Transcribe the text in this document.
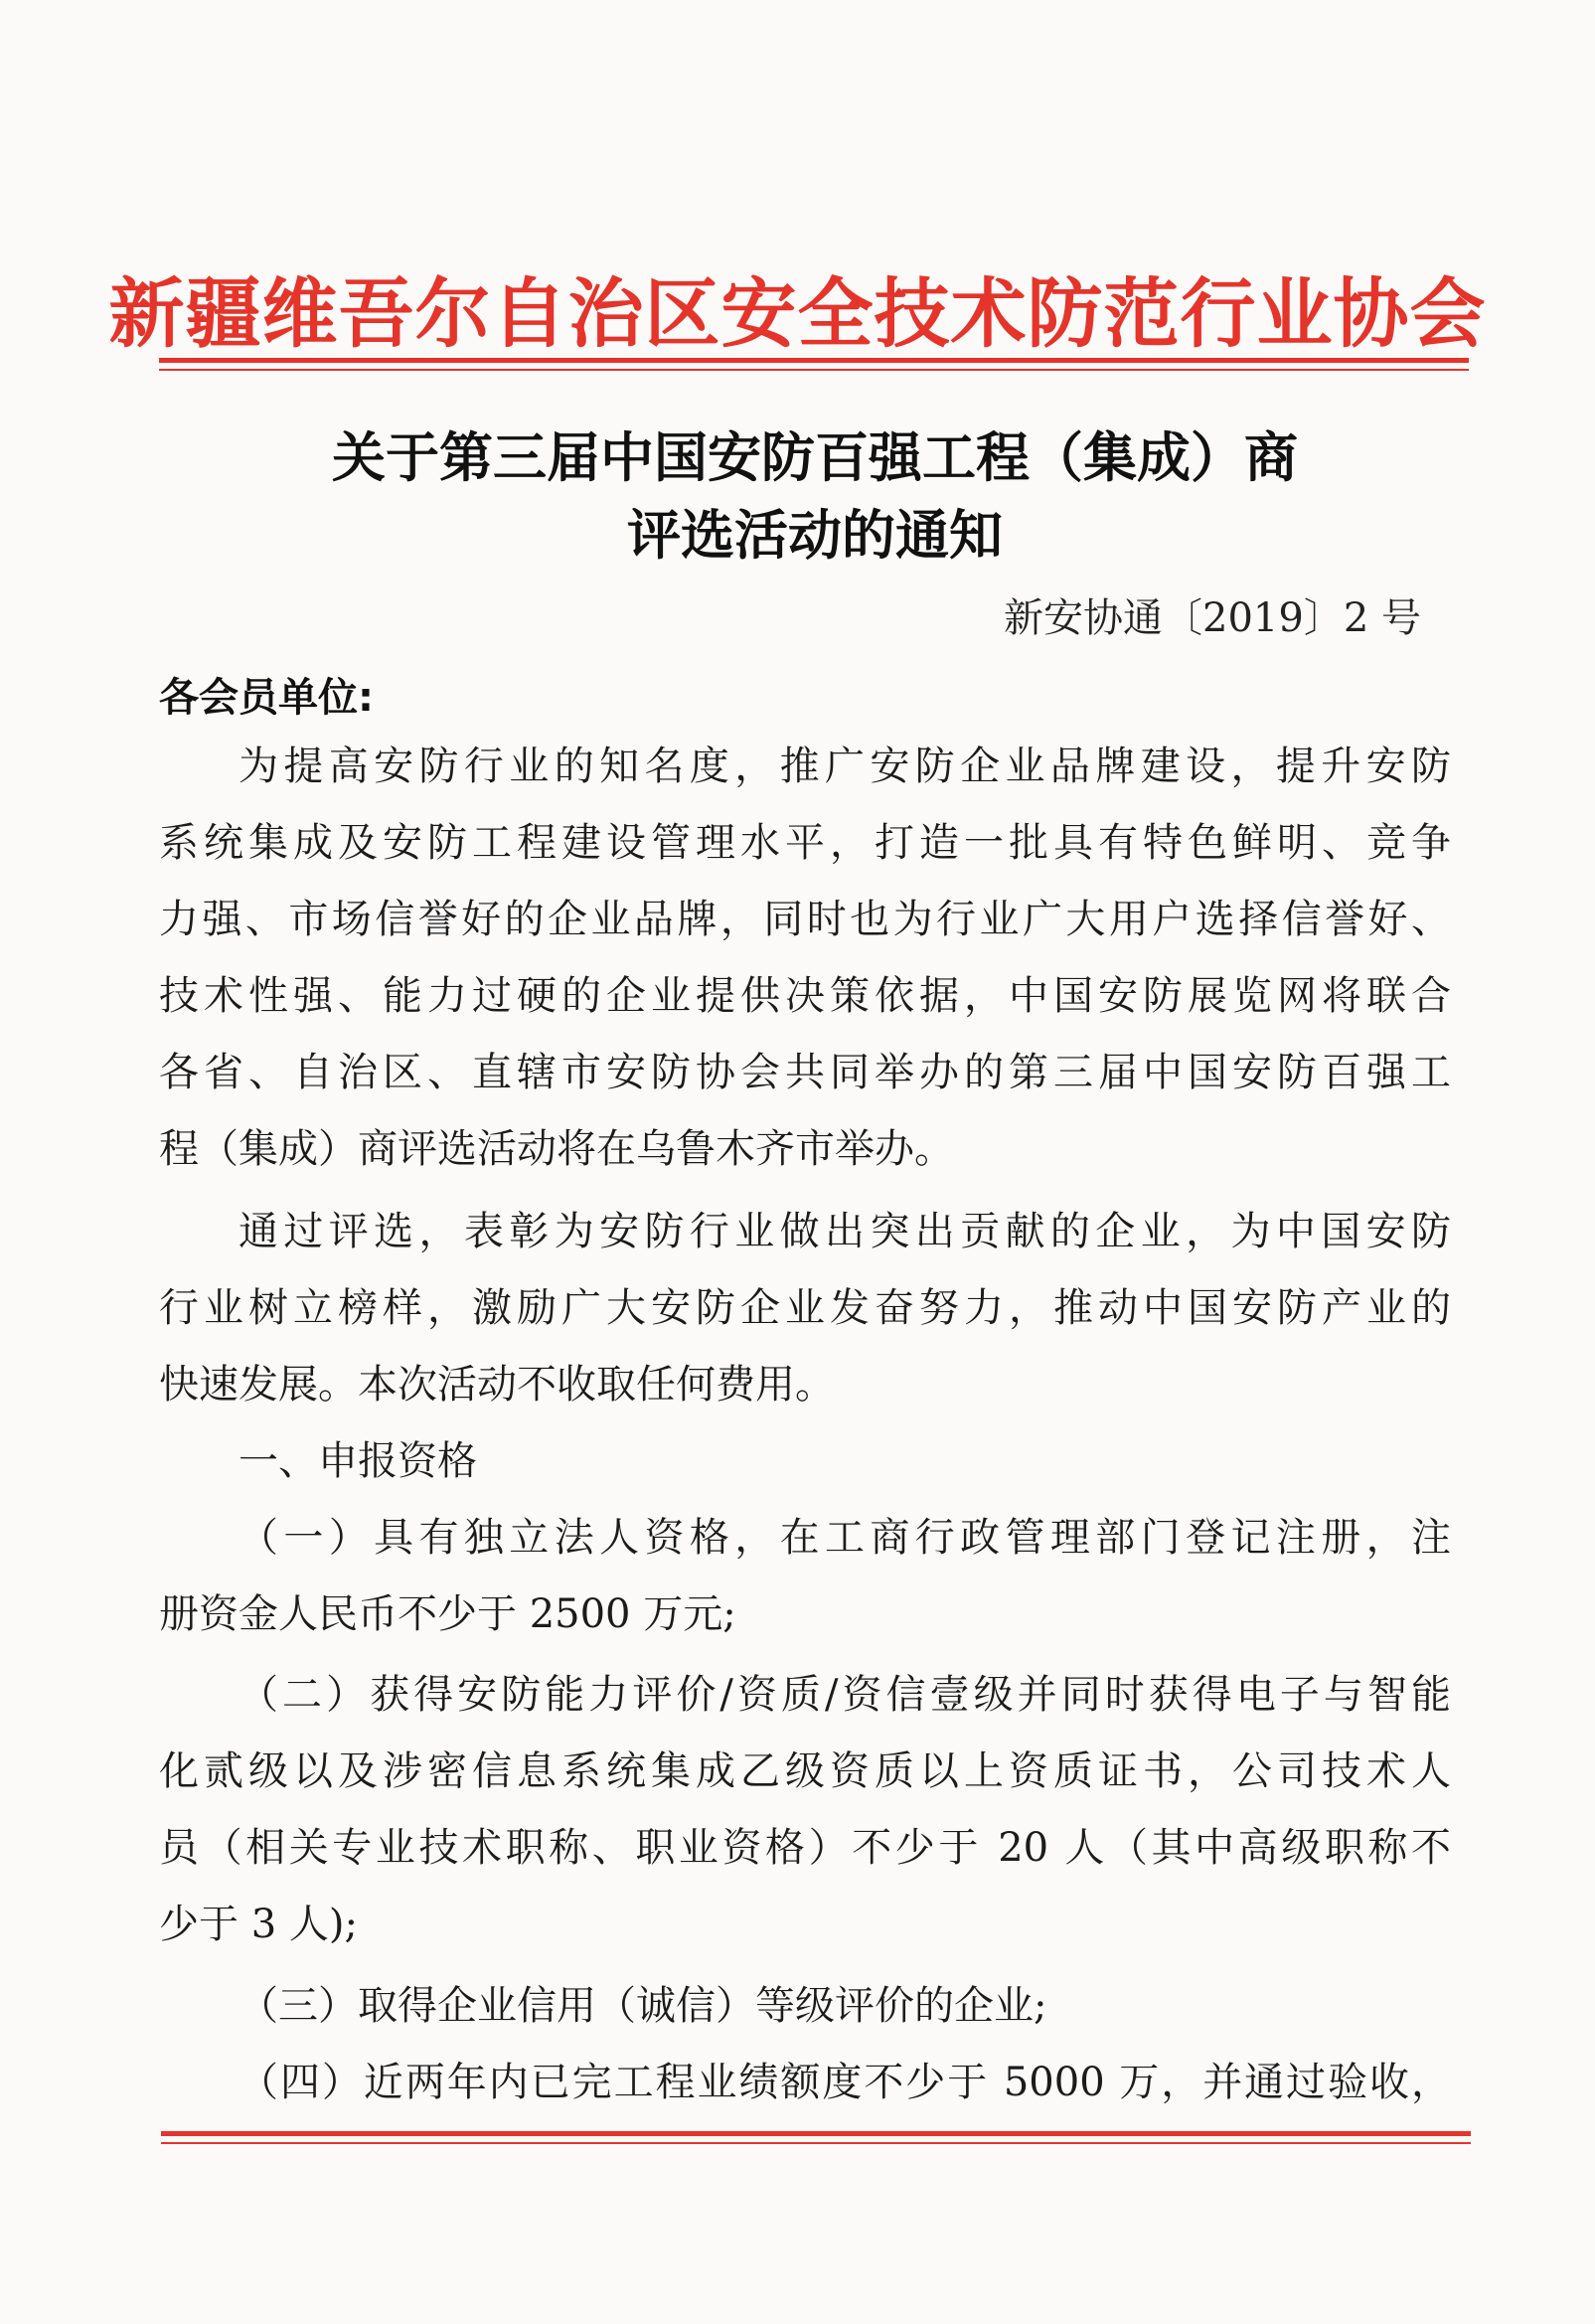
新疆维吾尔自治区安全技术防范行业协会
关于第三届中国安防百强工程（集成）商
评选活动的通知
新安协通〔2019〕2 号
各会员单位:
为提高安防行业的知名度，推广安防企业品牌建设，提升安防
系统集成及安防工程建设管理水平，打造一批具有特色鲜明、竞争
力强、市场信誉好的企业品牌，同时也为行业广大用户选择信誉好、
技术性强、能力过硬的企业提供决策依据，中国安防展览网将联合
各省、自治区、直辖市安防协会共同举办的第三届中国安防百强工
程（集成）商评选活动将在乌鲁木齐市举办。
通过评选，表彰为安防行业做出突出贡献的企业，为中国安防
行业树立榜样，激励广大安防企业发奋努力，推动中国安防产业的
快速发展。本次活动不收取任何费用。
一、申报资格
（一）具有独立法人资格，在工商行政管理部门登记注册，注
册资金人民币不少于 2500 万元;
（二）获得安防能力评价/资质/资信壹级并同时获得电子与智能
化贰级以及涉密信息系统集成乙级资质以上资质证书，公司技术人
员（相关专业技术职称、职业资格）不少于 20 人（其中高级职称不
少于 3 人);
（三）取得企业信用（诚信）等级评价的企业;
（四）近两年内已完工程业绩额度不少于 5000 万，并通过验收，
